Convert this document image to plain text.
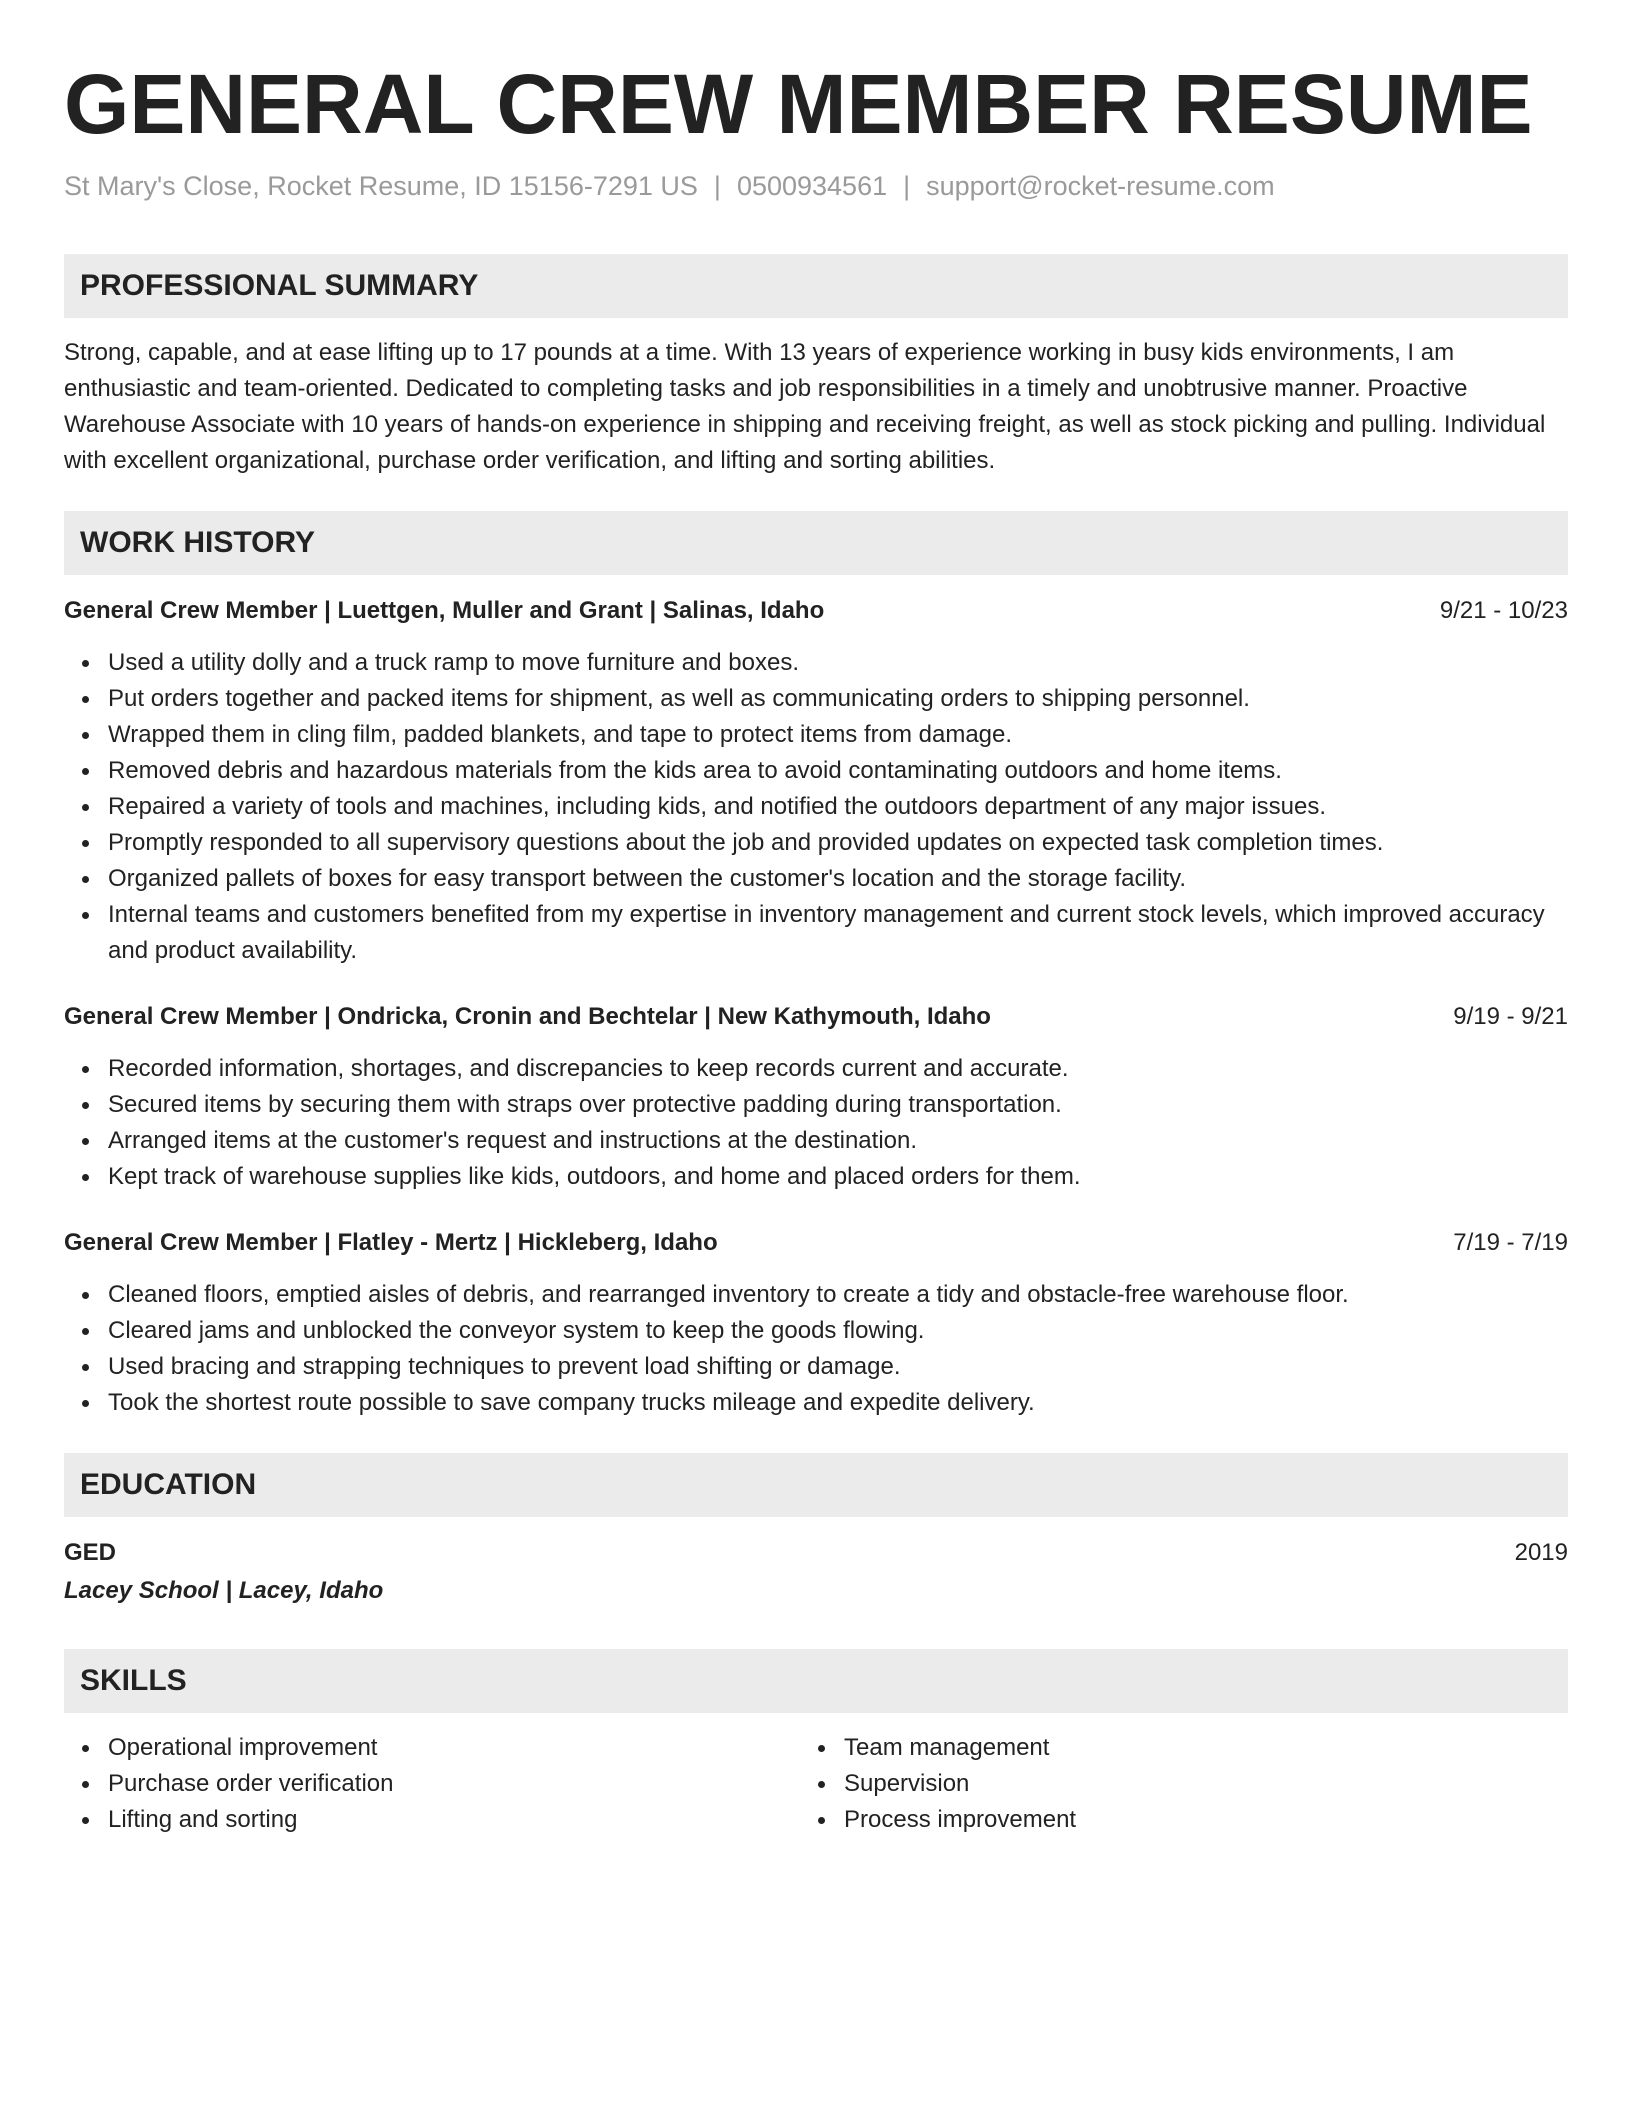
GENERAL CREW MEMBER RESUME
St Mary's Close, Rocket Resume, ID 15156-7291 US | 0500934561 | support@rocket-resume.com
PROFESSIONAL SUMMARY

Strong, capable, and at ease lifting up to 17 pounds at a time. With 13 years of experience working in busy kids environments, I am enthusiastic and team-oriented. Dedicated to completing tasks and job responsibilities in a timely and unobtrusive manner. Proactive Warehouse Associate with 10 years of hands-on experience in shipping and receiving freight, as well as stock picking and pulling. Individual with excellent organizational, purchase order verification, and lifting and sorting abilities.

WORK HISTORY
General Crew Member | Luettgen, Muller and Grant | Salinas, Idaho	9/21 - 10/23
Used a utility dolly and a truck ramp to move furniture and boxes.
Put orders together and packed items for shipment, as well as communicating orders to shipping personnel.
Wrapped them in cling film, padded blankets, and tape to protect items from damage.
Removed debris and hazardous materials from the kids area to avoid contaminating outdoors and home items.
Repaired a variety of tools and machines, including kids, and notified the outdoors department of any major issues.
Promptly responded to all supervisory questions about the job and provided updates on expected task completion times.
Organized pallets of boxes for easy transport between the customer's location and the storage facility.
Internal teams and customers benefited from my expertise in inventory management and current stock levels, which improved accuracy and product availability.
General Crew Member | Ondricka, Cronin and Bechtelar | New Kathymouth, Idaho	9/19 - 9/21
Recorded information, shortages, and discrepancies to keep records current and accurate.
Secured items by securing them with straps over protective padding during transportation.
Arranged items at the customer's request and instructions at the destination.
Kept track of warehouse supplies like kids, outdoors, and home and placed orders for them.
General Crew Member | Flatley - Mertz | Hickleberg, Idaho	7/19 - 7/19
Cleaned floors, emptied aisles of debris, and rearranged inventory to create a tidy and obstacle-free warehouse floor.
Cleared jams and unblocked the conveyor system to keep the goods flowing.
Used bracing and strapping techniques to prevent load shifting or damage.
Took the shortest route possible to save company trucks mileage and expedite delivery.
EDUCATION
GED	2019
Lacey School | Lacey, Idaho
SKILLS
Operational improvement
Purchase order verification
Lifting and sorting
Team management
Supervision
Process improvement
